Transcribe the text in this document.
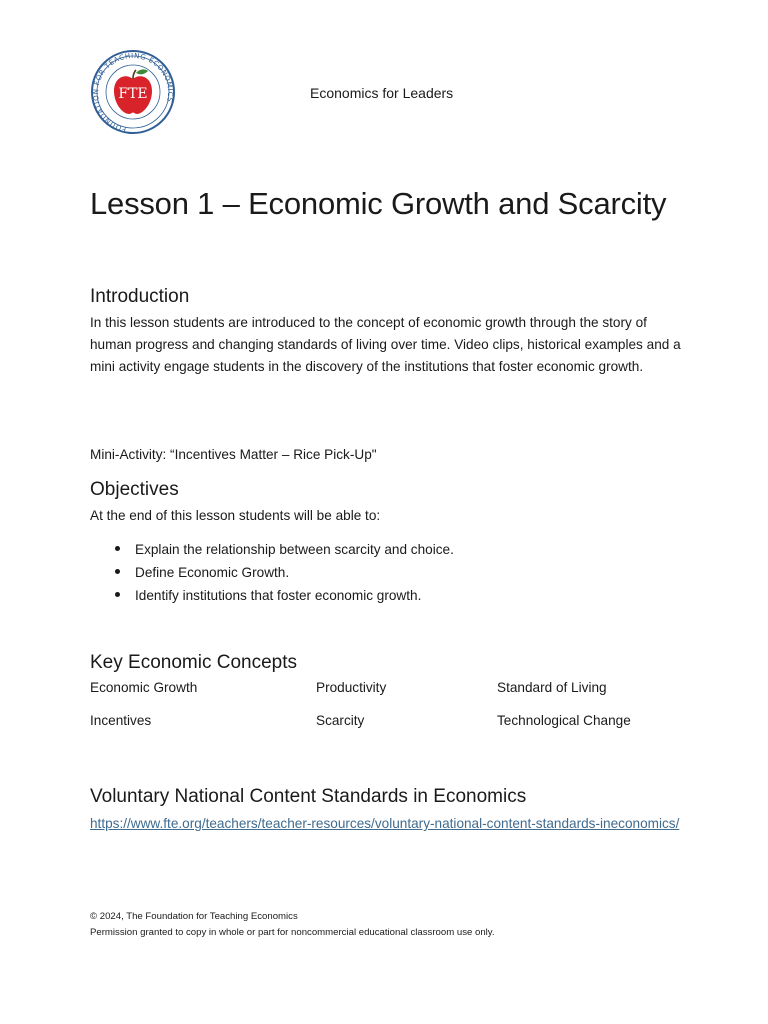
FOUNDATION FOR TEACHING ECONOMICS
FTE	Economics for Leaders
Lesson 1 – Economic Growth and Scarcity
Introduction
In this lesson students are introduced to the concept of economic growth through the story of human progress and changing standards of living over time. Video clips, historical examples and a mini activity engage students in the discovery of the institutions that foster economic growth.
Mini-Activity: “Incentives Matter – Rice Pick-Up"
Objectives
At the end of this lesson students will be able to:
Explain the relationship between scarcity and choice.
Define Economic Growth.
Identify institutions that foster economic growth.
Key Economic Concepts
Economic Growth	Productivity	Standard of Living
Incentives	Scarcity	Technological Change
Voluntary National Content Standards in Economics
https://www.fte.org/teachers/teacher-resources/voluntary-national-content-standards-ineconomics/
© 2024, The Foundation for Teaching Economics
Permission granted to copy in whole or part for noncommercial educational classroom use only.
